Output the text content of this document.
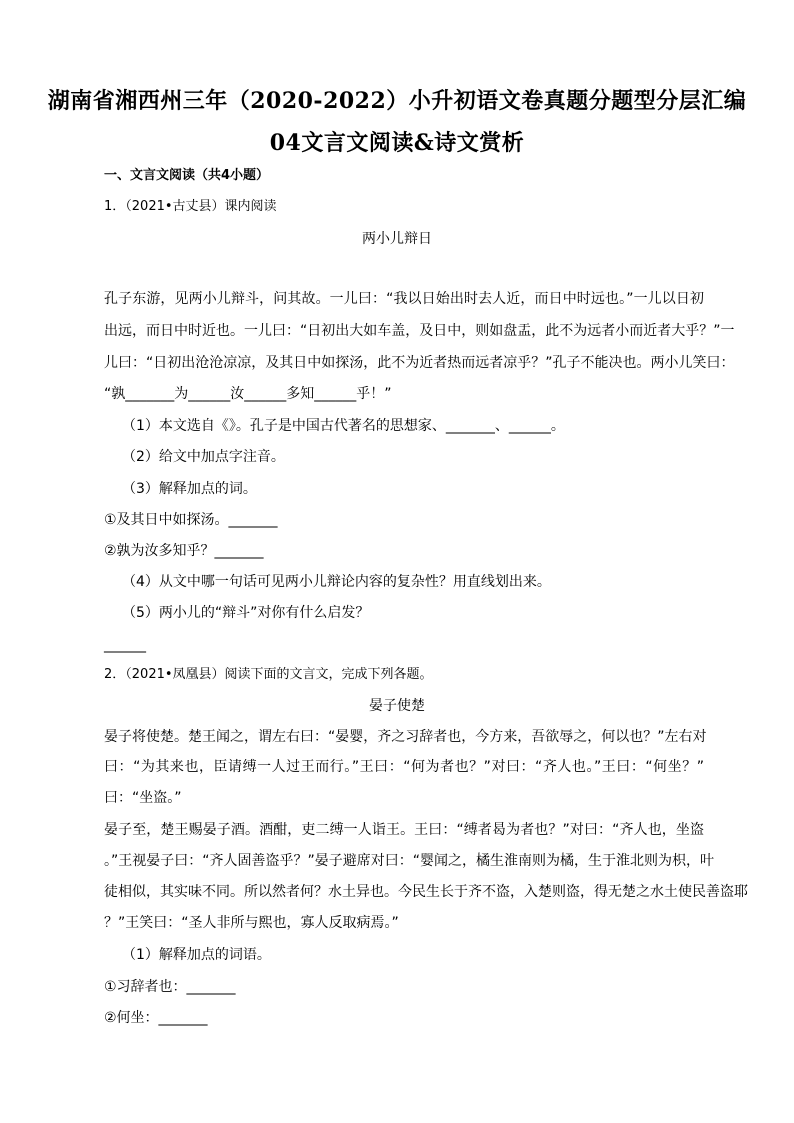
湖南省湘西州三年（2020-2022）小升初语文卷真题分题型分层汇编
04文言文阅读&诗文赏析
一、文言文阅读（共4小题）
1．（2021•古丈县）课内阅读
两小儿辩日
孔子东游，见两小儿辩斗，问其故。一儿曰：“我以日始出时去人近，而日中时远也。”一儿以日初
出远，而日中时近也。一儿曰：“日初出大如车盖，及日中，则如盘盂，此不为远者小而近者大乎？”一
儿曰：“日初出沧沧凉凉，及其日中如探汤，此不为近者热而远者凉乎？”孔子不能决也。两小儿笑曰：
“孰_______为______汝______多知______乎！”
（1）本文选自《》。孔子是中国古代著名的思想家、_______、______。
（2）给文中加点字注音。
（3）解释加点的词。
①及其日中如探汤。_______
②孰为汝多知乎？_______
（4）从文中哪一句话可见两小儿辩论内容的复杂性？用直线划出来。
（5）两小儿的“辩斗”对你有什么启发？
______
2．（2021•凤凰县）阅读下面的文言文，完成下列各题。
晏子使楚
晏子将使楚。楚王闻之，谓左右曰：“晏婴，齐之习辞者也，今方来，吾欲辱之，何以也？”左右对
曰：“为其来也，臣请缚一人过王而行。”王曰：“何为者也？”对曰：“齐人也。”王曰：“何坐？”
曰：“坐盗。”
晏子至，楚王赐晏子酒。酒酣，吏二缚一人诣王。王曰：“缚者曷为者也？”对曰：“齐人也，坐盗
。”王视晏子曰：“齐人固善盗乎？”晏子避席对曰：“婴闻之，橘生淮南则为橘，生于淮北则为枳，叶
徒相似，其实味不同。所以然者何？水土异也。今民生长于齐不盗，入楚则盗，得无楚之水土使民善盗耶
？”王笑曰：“圣人非所与熙也，寡人反取病焉。”
（1）解释加点的词语。
①习辞者也：_______
②何坐：_______
